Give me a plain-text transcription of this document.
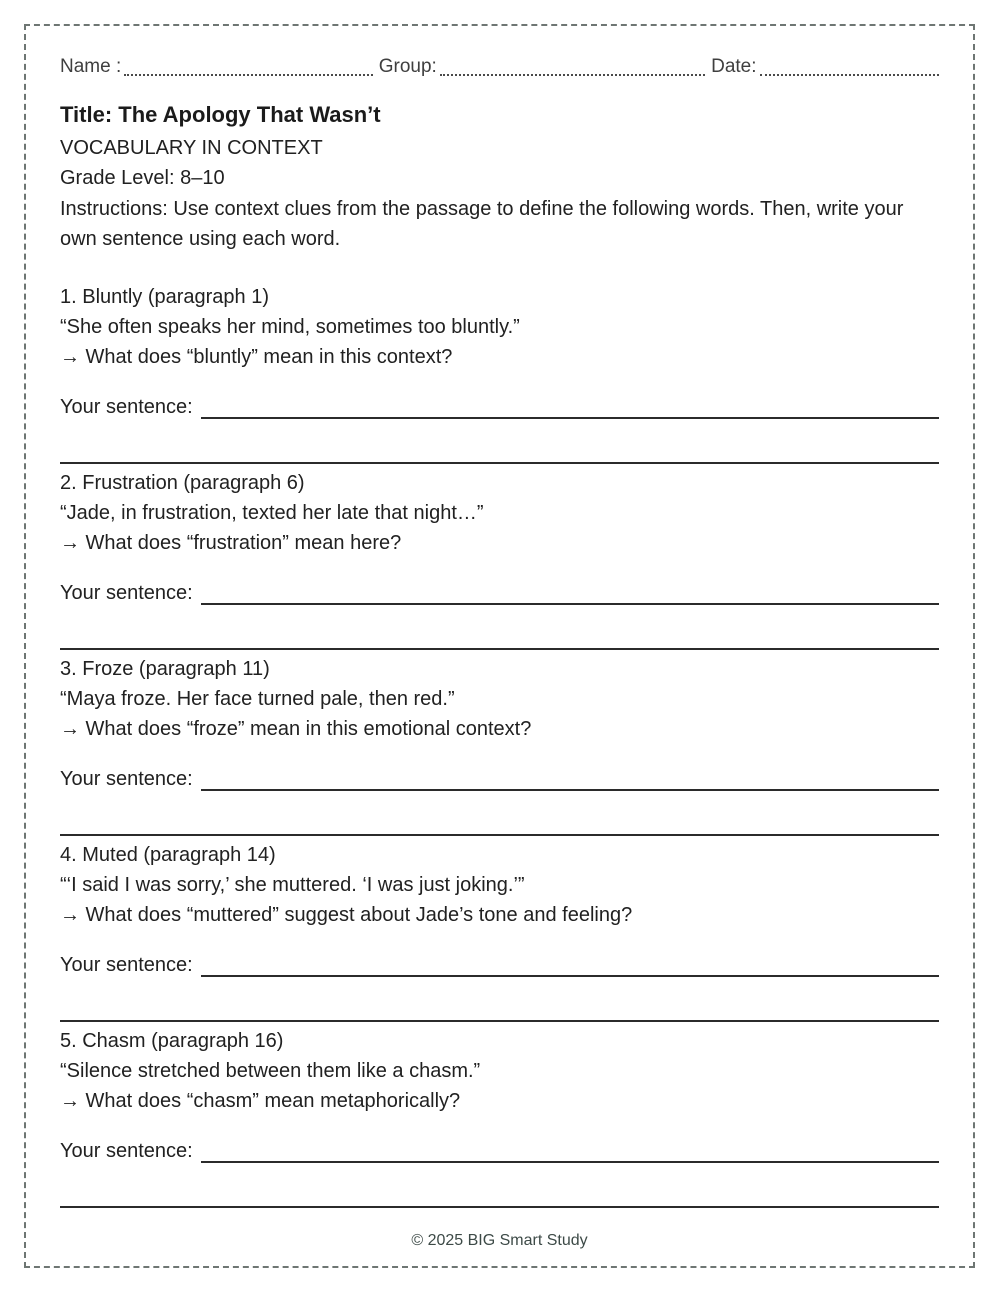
Name :	Group:	Date:
Title: The Apology That Wasn’t
VOCABULARY IN CONTEXT
Grade Level: 8–10
Instructions: Use context clues from the passage to define the following words. Then, write your own sentence using each word.
1. Bluntly (paragraph 1)
“She often speaks her mind, sometimes too bluntly.”
→ What does “bluntly” mean in this context?
Your sentence:
2. Frustration (paragraph 6)
“Jade, in frustration, texted her late that night…”
→ What does “frustration” mean here?
Your sentence:
3. Froze (paragraph 11)
“Maya froze. Her face turned pale, then red.”
→ What does “froze” mean in this emotional context?
Your sentence:
4. Muted (paragraph 14)
“‘I said I was sorry,’ she muttered. ‘I was just joking.’”
→ What does “muttered” suggest about Jade’s tone and feeling?
Your sentence:
5. Chasm (paragraph 16)
“Silence stretched between them like a chasm.”
→ What does “chasm” mean metaphorically?
Your sentence:
© 2025 BIG Smart Study
